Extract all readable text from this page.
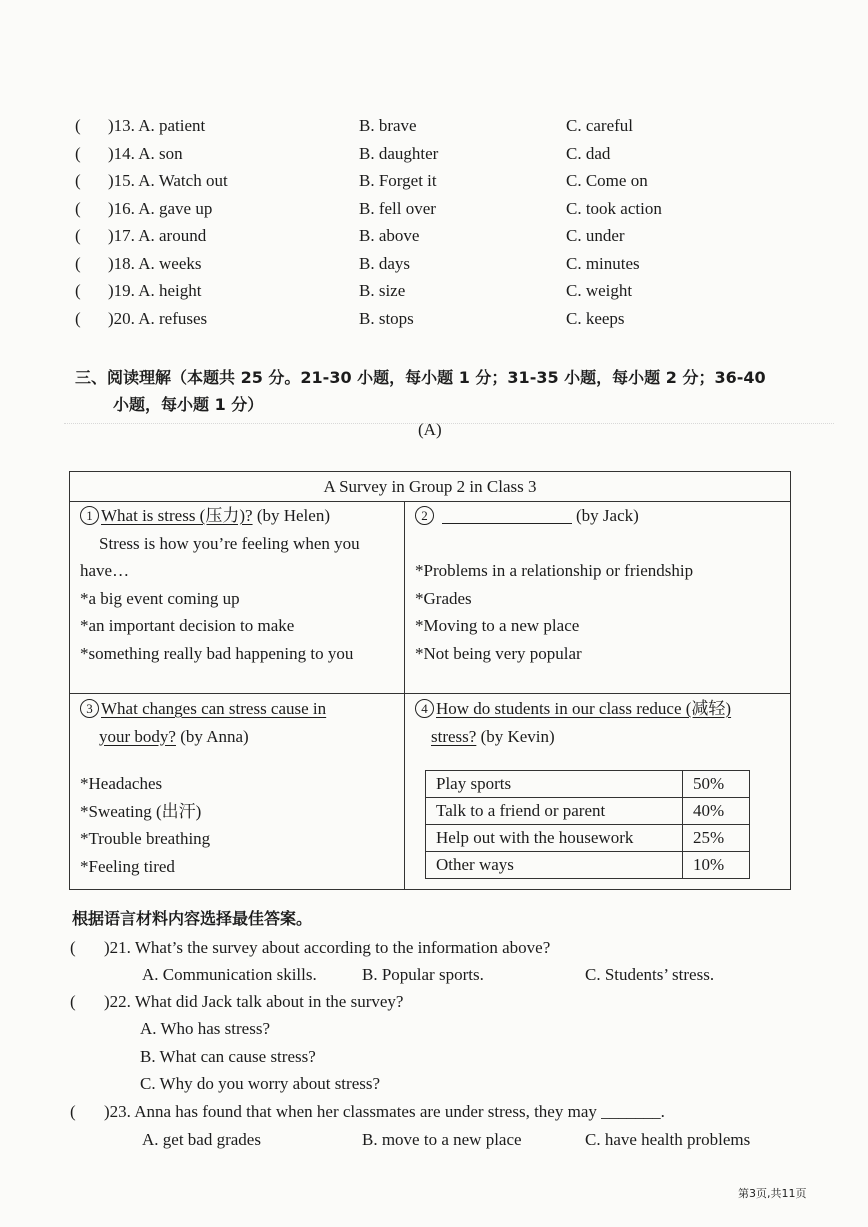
( )13. A. patient	B. brave	C. careful
( )14. A. son	B. daughter	C. dad
( )15. A. Watch out	B. Forget it	C. Come on
( )16. A. gave up	B. fell over	C. took action
( )17. A. around	B. above	C. under
( )18. A. weeks	B. days	C. minutes
( )19. A. height	B. size	C. weight
( )20. A. refuses	B. stops	C. keeps
三、阅读理解（本题共 25 分。21-30 小题，每小题 1 分；31-35 小题，每小题 2 分；36-40
小题，每小题 1 分）
(A)
A Survey in Group 2 in Class 3
1 What is stress (压力)? (by Helen)
Stress is how you’re feeling when you
have…
*a big event coming up
*an important decision to make
*something really bad happening to you
2	(by Jack)
*Problems in a relationship or friendship
*Grades
*Moving to a new place
*Not being very popular
3 What changes can stress cause in
your body? (by Anna)
*Headaches
*Sweating (出汗)
*Trouble breathing
*Feeling tired
4 How do students in our class reduce (减轻)
stress? (by Kevin)
Play sports	50%
Talk to a friend or parent	40%
Help out with the housework	25%
Other ways	10%
根据语言材料内容选择最佳答案。
( )21. What’s the survey about according to the information above?
A. Communication skills.	B. Popular sports.	C. Students’ stress.
( )22. What did Jack talk about in the survey?
A. Who has stress?
B. What can cause stress?
C. Why do you worry about stress?
( )23. Anna has found that when her classmates are under stress, they may _______.
A. get bad grades	B. move to a new place	C. have health problems
第3页,共11页
